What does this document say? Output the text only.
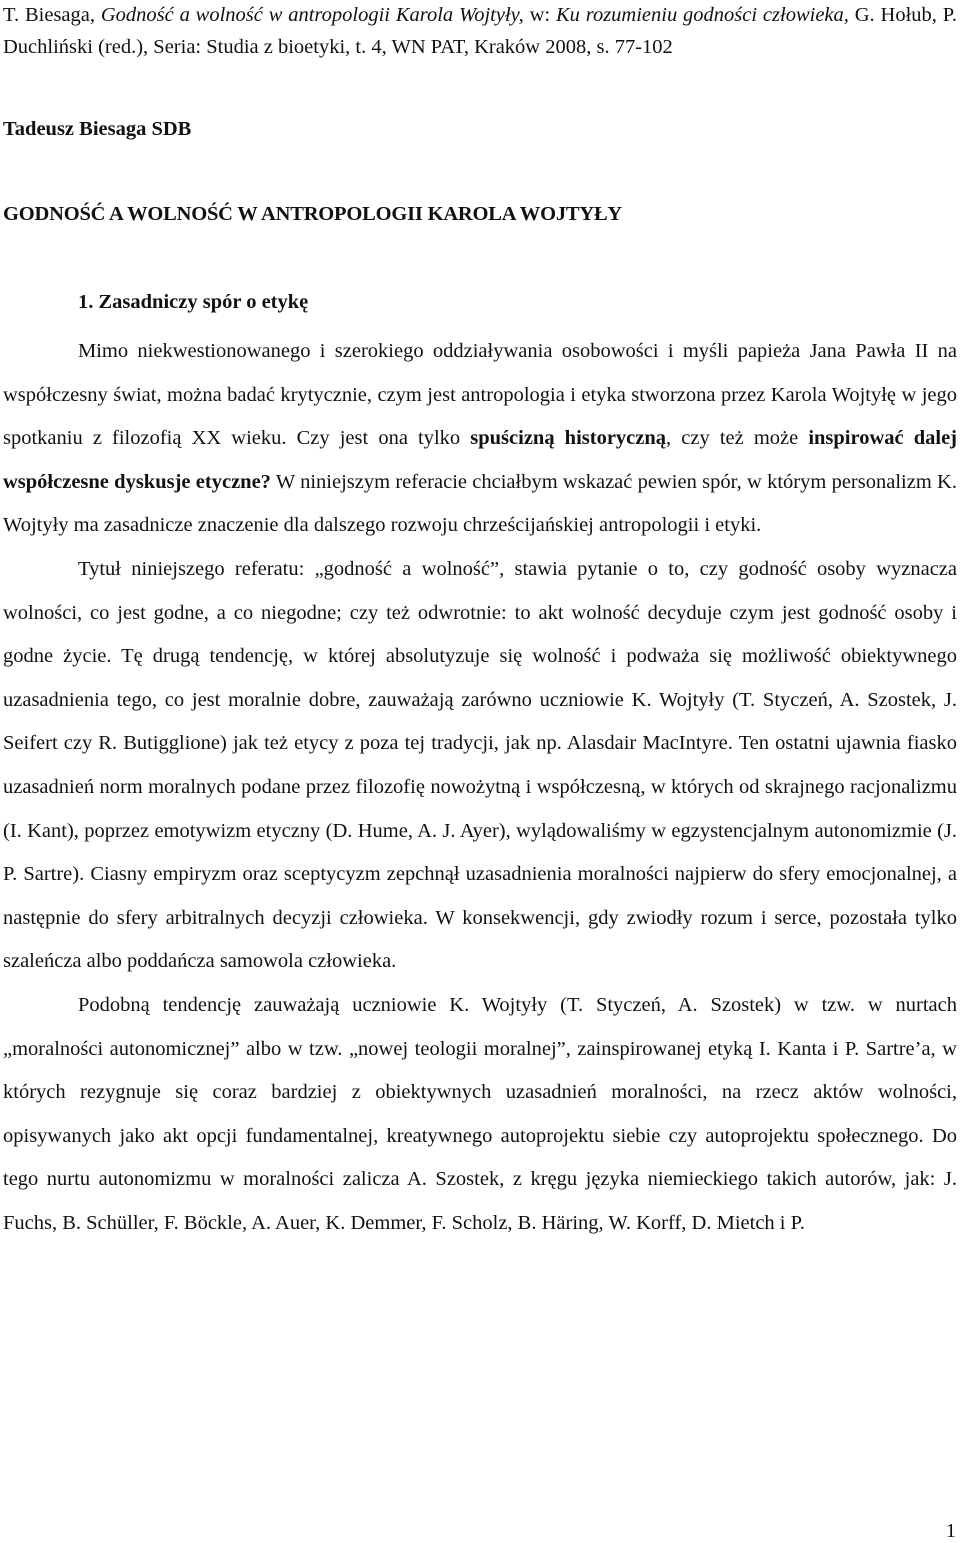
T. Biesaga, Godność a wolność w antropologii Karola Wojtyły, w: Ku rozumieniu godności człowieka, G. Hołub, P. Duchliński (red.), Seria: Studia z bioetyki, t. 4, WN PAT, Kraków 2008, s. 77-102
Tadeusz Biesaga SDB
GODNOŚĆ A WOLNOŚĆ W ANTROPOLOGII KAROLA WOJTYŁY
1. Zasadniczy spór o etykę

Mimo niekwestionowanego i szerokiego oddziaływania osobowości i myśli papieża Jana Pawła II na współczesny świat, można badać krytycznie, czym jest antropologia i etyka stworzona przez Karola Wojtyłę w jego spotkaniu z filozofią XX wieku. Czy jest ona tylko spuścizną historyczną, czy też może inspirować dalej współczesne dyskusje etyczne? W niniejszym referacie chciałbym wskazać pewien spór, w którym personalizm K. Wojtyły ma zasadnicze znaczenie dla dalszego rozwoju chrześcijańskiej antropologii i etyki.

Tytuł niniejszego referatu: „godność a wolność”, stawia pytanie o to, czy godność osoby wyznacza wolności, co jest godne, a co niegodne; czy też odwrotnie: to akt wolność decyduje czym jest godność osoby i godne życie. Tę drugą tendencję, w której absolutyzuje się wolność i podważa się możliwość obiektywnego uzasadnienia tego, co jest moralnie dobre, zauważają zarówno uczniowie K. Wojtyły (T. Styczeń, A. Szostek, J. Seifert czy R. Butigglione) jak też etycy z poza tej tradycji, jak np. Alasdair MacIntyre. Ten ostatni ujawnia fiasko uzasadnień norm moralnych podane przez filozofię nowożytną i współczesną, w których od skrajnego racjonalizmu (I. Kant), poprzez emotywizm etyczny (D. Hume, A. J. Ayer), wylądowaliśmy w egzystencjalnym autonomizmie (J. P. Sartre). Ciasny empiryzm oraz sceptycyzm zepchnął uzasadnienia moralności najpierw do sfery emocjonalnej, a następnie do sfery arbitralnych decyzji człowieka. W konsekwencji, gdy zwiodły rozum i serce, pozostała tylko szaleńcza albo poddańcza samowola człowieka.

Podobną tendencję zauważają uczniowie K. Wojtyły (T. Styczeń, A. Szostek) w tzw. w nurtach „moralności autonomicznej” albo w tzw. „nowej teologii moralnej”, zainspirowanej etyką I. Kanta i P. Sartre’a, w których rezygnuje się coraz bardziej z obiektywnych uzasadnień moralności, na rzecz aktów wolności, opisywanych jako akt opcji fundamentalnej, kreatywnego autoprojektu siebie czy autoprojektu społecznego. Do tego nurtu autonomizmu w moralności zalicza A. Szostek, z kręgu języka niemieckiego takich autorów, jak: J. Fuchs, B. Schüller, F. Böckle, A. Auer, K. Demmer, F. Scholz, B. Häring, W. Korff, D. Mietch i P.

1
